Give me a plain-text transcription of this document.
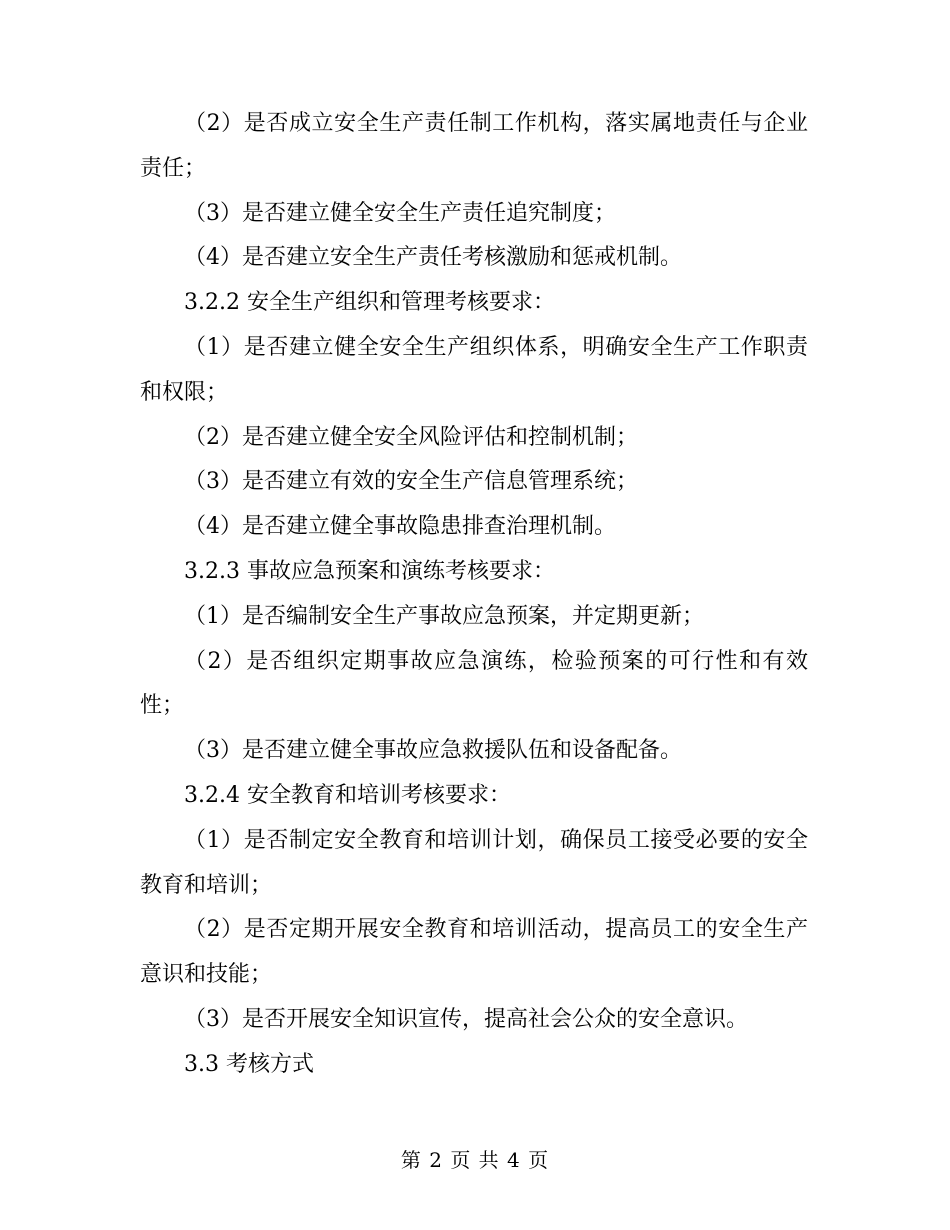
（2）是否成立安全生产责任制工作机构，落实属地责任与企业责任；

（3）是否建立健全安全生产责任追究制度；

（4）是否建立安全生产责任考核激励和惩戒机制。

3.2.2 安全生产组织和管理考核要求：

（1）是否建立健全安全生产组织体系，明确安全生产工作职责和权限；

（2）是否建立健全安全风险评估和控制机制；

（3）是否建立有效的安全生产信息管理系统；

（4）是否建立健全事故隐患排查治理机制。

3.2.3 事故应急预案和演练考核要求：

（1）是否编制安全生产事故应急预案，并定期更新；

（2）是否组织定期事故应急演练，检验预案的可行性和有效性；

（3）是否建立健全事故应急救援队伍和设备配备。

3.2.4 安全教育和培训考核要求：

（1）是否制定安全教育和培训计划，确保员工接受必要的安全教育和培训；

（2）是否定期开展安全教育和培训活动，提高员工的安全生产意识和技能；

（3）是否开展安全知识宣传，提高社会公众的安全意识。

3.3 考核方式

第 2 页 共 4 页
